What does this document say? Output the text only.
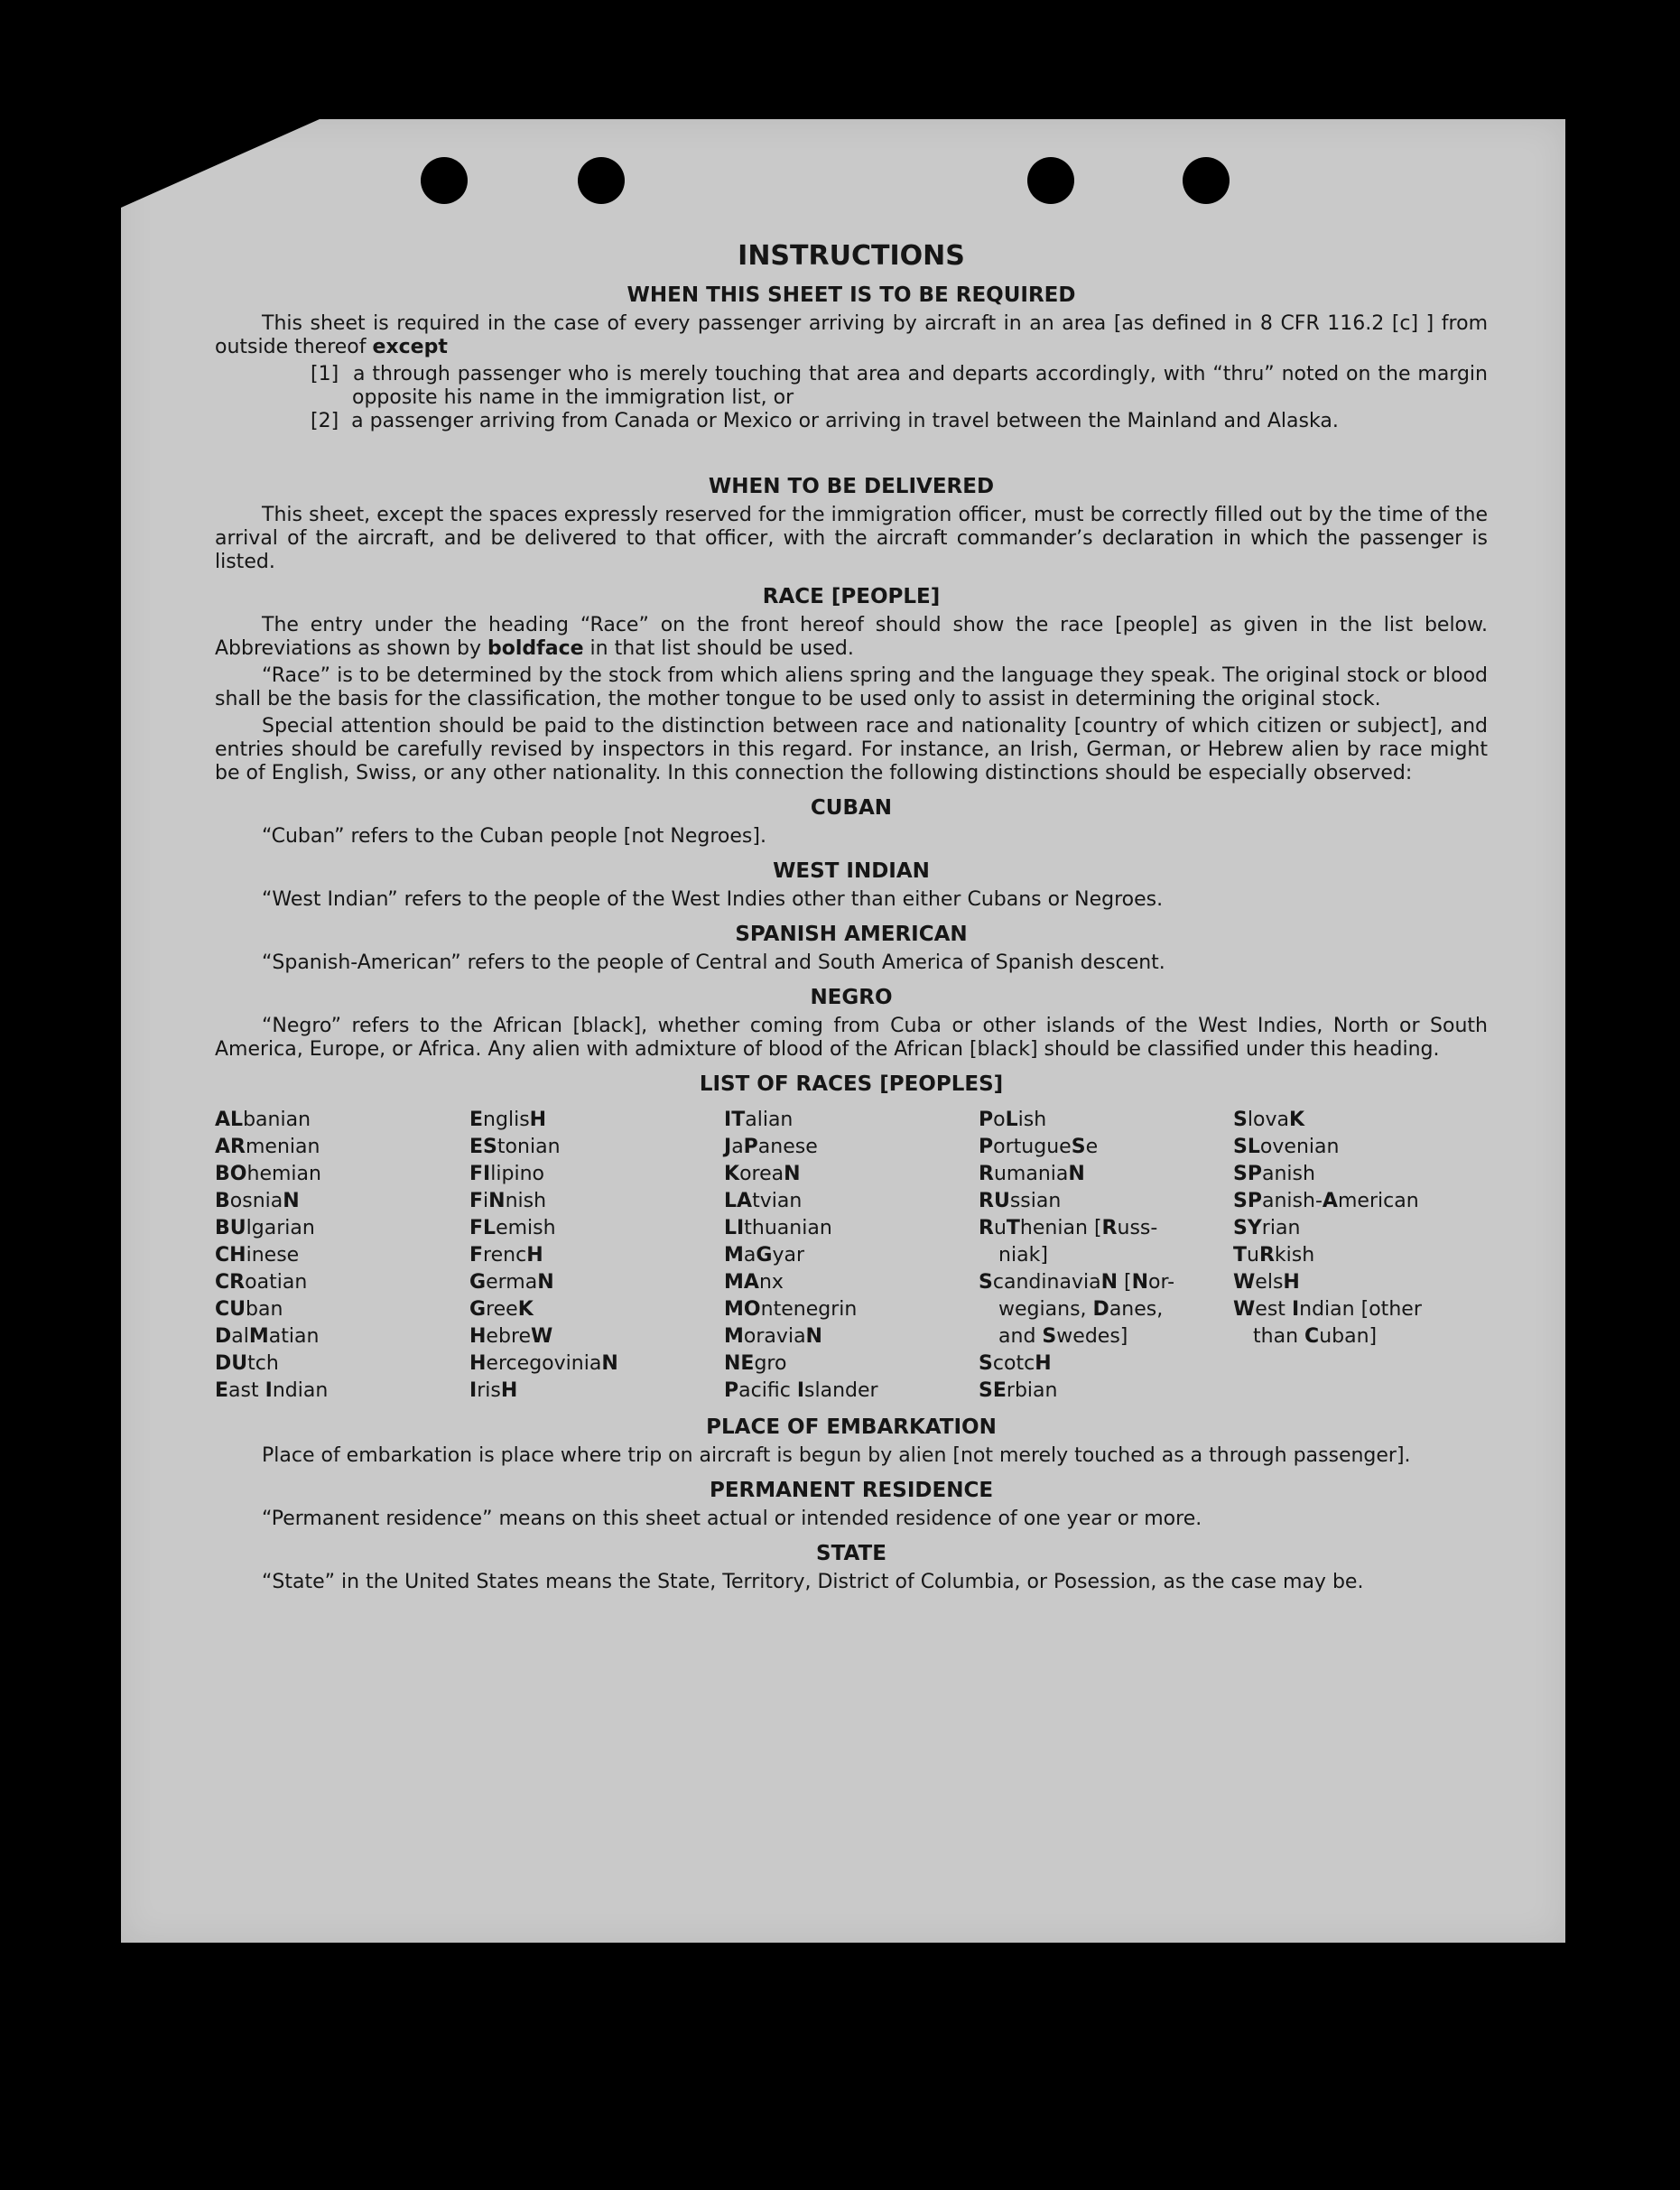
INSTRUCTIONS
WHEN THIS SHEET IS TO BE REQUIRED

This sheet is required in the case of every passenger arriving by aircraft in an area [as defined in 8 CFR 116.2 [c] ] from outside thereof except

[1] a through passenger who is merely touching that area and departs accordingly, with “thru” noted on the margin opposite his name in the immigration list, or
[2] a passenger arriving from Canada or Mexico or arriving in travel between the Mainland and Alaska.
WHEN TO BE DELIVERED

This sheet, except the spaces expressly reserved for the immigration officer, must be correctly filled out by the time of the arrival of the aircraft, and be delivered to that officer, with the aircraft commander’s declaration in which the passenger is listed.

RACE [PEOPLE]

The entry under the heading “Race” on the front hereof should show the race [people] as given in the list below. Abbreviations as shown by boldface in that list should be used.

“Race” is to be determined by the stock from which aliens spring and the language they speak. The original stock or blood shall be the basis for the classification, the mother tongue to be used only to assist in determining the original stock.

Special attention should be paid to the distinction between race and nationality [country of which citizen or subject], and entries should be carefully revised by inspectors in this regard. For instance, an Irish, German, or Hebrew alien by race might be of English, Swiss, or any other nationality. In this connection the following distinctions should be especially observed:

CUBAN

“Cuban” refers to the Cuban people [not Negroes].

WEST INDIAN

“West Indian” refers to the people of the West Indies other than either Cubans or Negroes.

SPANISH AMERICAN

“Spanish-American” refers to the people of Central and South America of Spanish descent.

NEGRO

“Negro” refers to the African [black], whether coming from Cuba or other islands of the West Indies, North or South America, Europe, or Africa. Any alien with admixture of blood of the African [black] should be classified under this heading.

LIST OF RACES [PEOPLES]
ALbanian
ARmenian
BOhemian
BosniaN
BUlgarian
CHinese
CRoatian
CUban
DalMatian
DUtch
East Indian
EnglisH
EStonian
FIlipino
FiNnish
FLemish
FrencH
GermaN
GreeK
HebreW
HercegoviniaN
IrisH
ITalian
JaPanese
KoreaN
LAtvian
LIthuanian
MaGyar
MAnx
MOntenegrin
MoraviaN
NEgro
Pacifc Islander
PoLish
PortugueSe
RumaniaN
RUssian
RuThenian [Russ-
niak]
ScandinaviaN [Nor-
wegians, Danes,
and Swedes]
ScotcH
SErbian
SlovaK
SLovenian
SPanish
SPanish-American
SYrian
TuRkish
WelsH
West Indian [other
than Cuban]
PLACE OF EMBARKATION

Place of embarkation is place where trip on aircraft is begun by alien [not merely touched as a through passenger].

PERMANENT RESIDENCE

“Permanent residence” means on this sheet actual or intended residence of one year or more.

STATE

“State” in the United States means the State, Territory, District of Columbia, or Posession, as the case may be.
